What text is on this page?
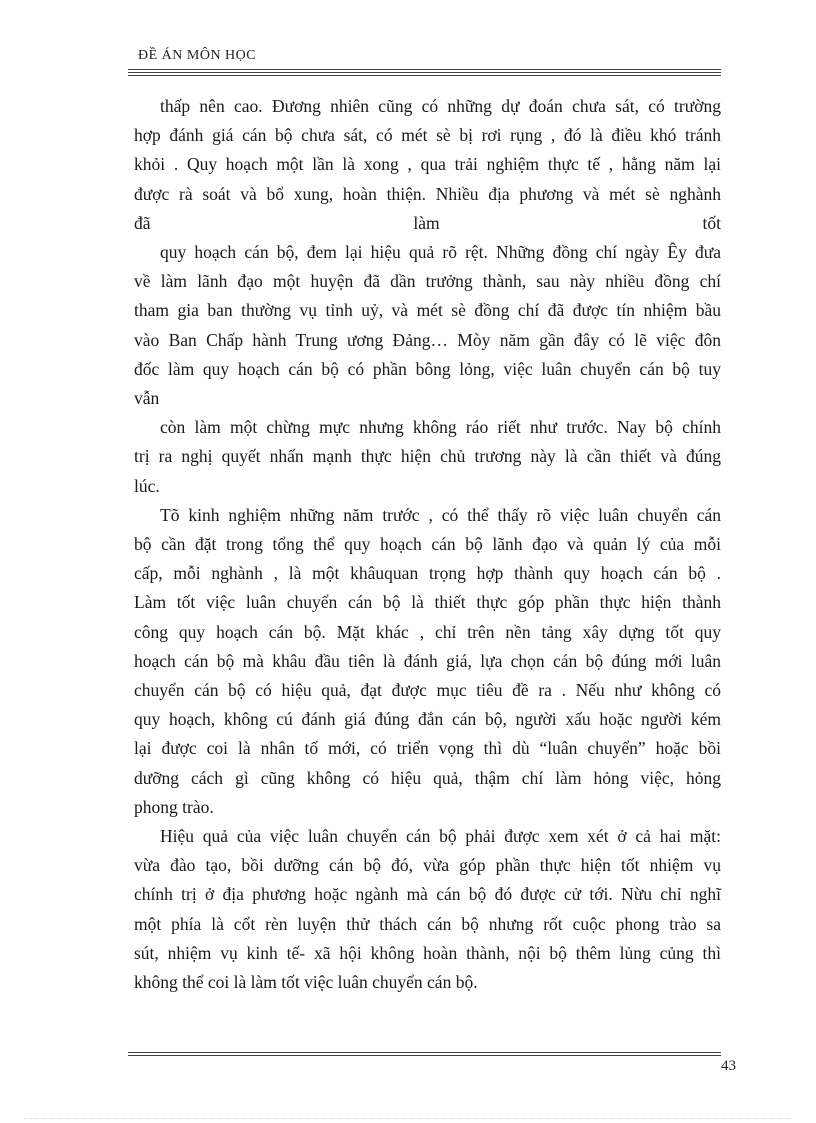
ĐỀ ÁN MÔN HỌC
thấp nên cao. Đương nhiên cũng có những dự đoán chưa sát, có trường
hợp đánh giá cán bộ chưa sát, có mét sè bị rơi rụng , đó là điều khó tránh
khỏi . Quy hoạch một lần là xong , qua trải nghiệm thực tế , hằng năm lại
được rà soát và bổ xung, hoàn thiện. Nhiều địa phương và mét sè nghành
đã làm tốt
quy hoạch cán bộ, đem lại hiệu quả rõ rệt. Những đồng chí ngày Êy đưa
về làm lãnh đạo một huyện đã dần trưởng thành, sau này nhiều đồng chí
tham gia ban thường vụ tỉnh uỷ, và mét sè đồng chí đã được tín nhiệm bầu
vào Ban Chấp hành Trung ương Đảng… Mòy năm gần đây có lẽ việc đôn
đốc làm quy hoạch cán bộ có phần bông lỏng, việc luân chuyển cán bộ tuy
vẫn
còn làm một chừng mực nhưng không ráo riết như trước. Nay bộ chính
trị ra nghị quyết nhấn mạnh thực hiện chủ trương này là cần thiết và đúng
lúc.
Tõ kinh nghiệm những năm trước , có thể thấy rõ việc luân chuyển cán
bộ cần đặt trong tổng thể quy hoạch cán bộ lãnh đạo và quản lý của mỗi
cấp, mỗi nghành , là một khâuquan trọng hợp thành quy hoạch cán bộ .
Làm tốt việc luân chuyển cán bộ là thiết thực góp phần thực hiện thành
công quy hoạch cán bộ. Mặt khác , chỉ trên nền tảng xây dựng tốt quy
hoạch cán bộ mà khâu đầu tiên là đánh giá, lựa chọn cán bộ đúng mới luân
chuyển cán bộ có hiệu quả, đạt được mục tiêu đề ra . Nếu như không có
quy hoạch, không cú đánh giá đúng đắn cán bộ, người xấu hoặc người kém
lại được coi là nhân tố mới, có triển vọng thì dù “luân chuyển” hoặc bồi
dưỡng cách gì cũng không có hiệu quả, thậm chí làm hỏng việc, hỏng
phong trào.
Hiệu quả của việc luân chuyển cán bộ phải được xem xét ở cả hai mặt:
vừa đào tạo, bồi dưỡng cán bộ đó, vừa góp phần thực hiện tốt nhiệm vụ
chính trị ở địa phương hoặc ngành mà cán bộ đó được cử tới. Nừu chỉ nghĩ
một phía là cốt rèn luyện thử thách cán bộ nhưng rốt cuộc phong trào sa
sút, nhiệm vụ kinh tế- xã hội không hoàn thành, nội bộ thêm lủng củng thì
không thể coi là làm tốt việc luân chuyển cán bộ.
43
